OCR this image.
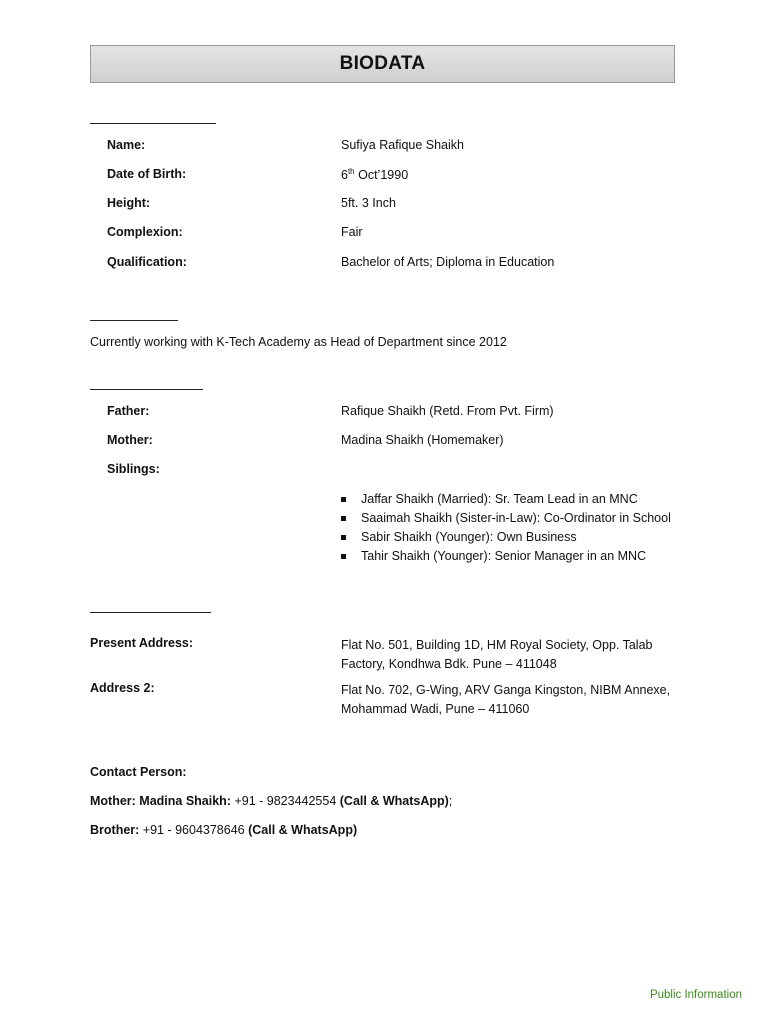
BIODATA
Name:	Sufiya Rafique Shaikh
Date of Birth:	6th Oct’1990
Height:	5ft. 3 Inch
Complexion:	Fair
Qualification:	Bachelor of Arts; Diploma in Education
Currently working with K-Tech Academy as Head of Department since 2012
Father:	Rafique Shaikh (Retd. From Pvt. Firm)
Mother:	Madina Shaikh (Homemaker)
Siblings:
Jaffar Shaikh (Married): Sr. Team Lead in an MNC
Saaimah Shaikh (Sister-in-Law): Co-Ordinator in School
Sabir Shaikh (Younger): Own Business
Tahir Shaikh (Younger): Senior Manager in an MNC
Present Address:	Flat No. 501, Building 1D, HM Royal Society, Opp. Talab
Factory, Kondhwa Bdk. Pune – 411048
Address 2:	Flat No. 702, G-Wing, ARV Ganga Kingston, NIBM Annexe,
Mohammad Wadi, Pune – 411060
Contact Person:
Mother: Madina Shaikh: +91 - 9823442554 (Call & WhatsApp);
Brother: +91 - 9604378646 (Call & WhatsApp)
Public Information
